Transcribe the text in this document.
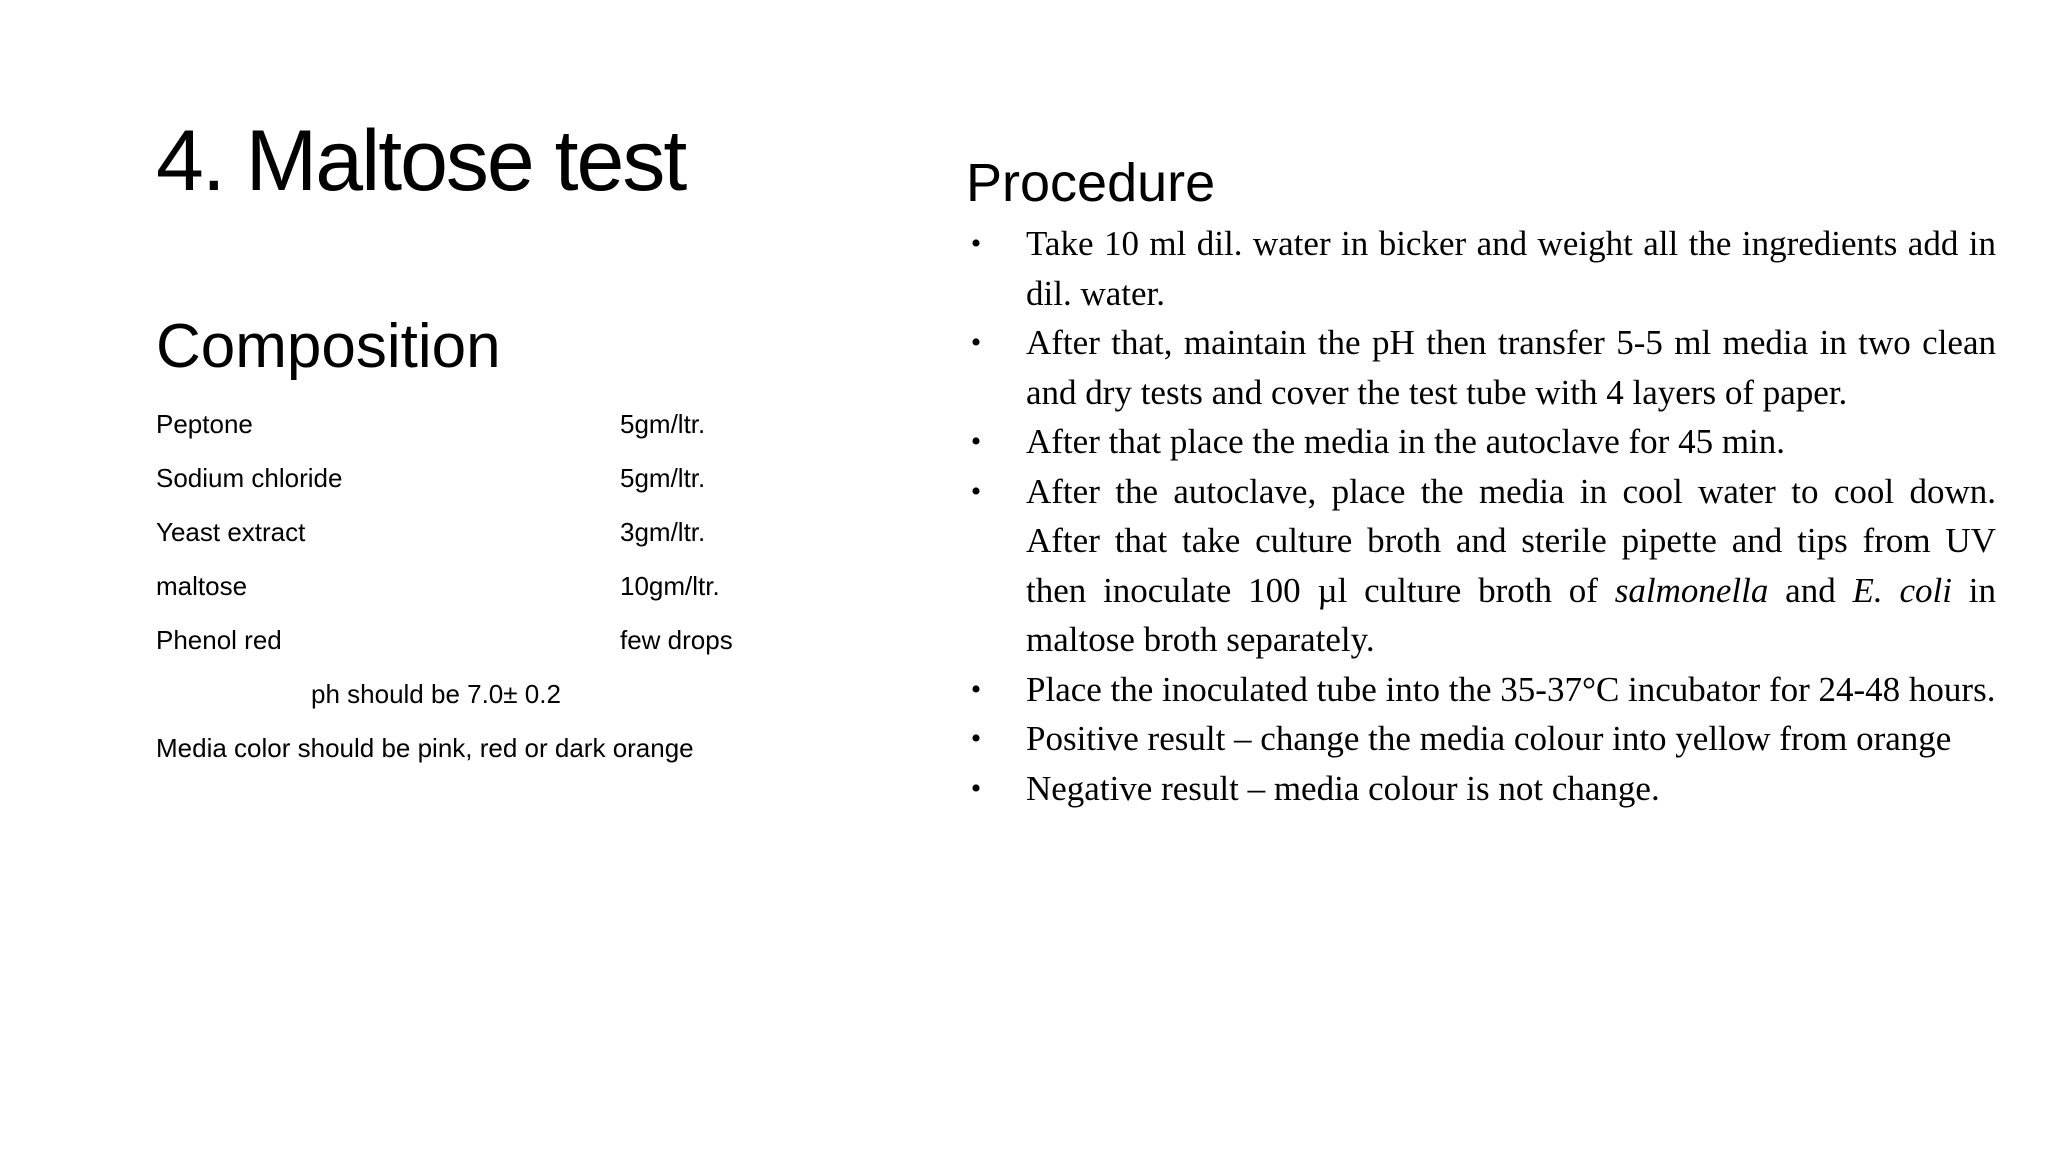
4. Maltose test
Composition
Peptone	5gm/ltr.
Sodium chloride	5gm/ltr.
Yeast extract	3gm/ltr.
maltose	10gm/ltr.
Phenol red	few drops
ph should be 7.0± 0.2
Media color should be pink, red or dark orange
Procedure
• Take 10 ml dil. water in bicker and weight all the ingredients add in dil. water.
• After that, maintain the pH then transfer 5-5 ml media in two clean and dry tests and cover the test tube with 4 layers of paper.
• After that place the media in the autoclave for 45 min.
• After the autoclave, place the media in cool water to cool down. After that take culture broth and sterile pipette and tips from UV then inoculate 100 µl culture broth of salmonella and E. coli in maltose broth separately.
• Place the inoculated tube into the 35-37°C incubator for 24-48 hours.
• Positive result – change the media colour into yellow from orange
• Negative result – media colour is not change.
